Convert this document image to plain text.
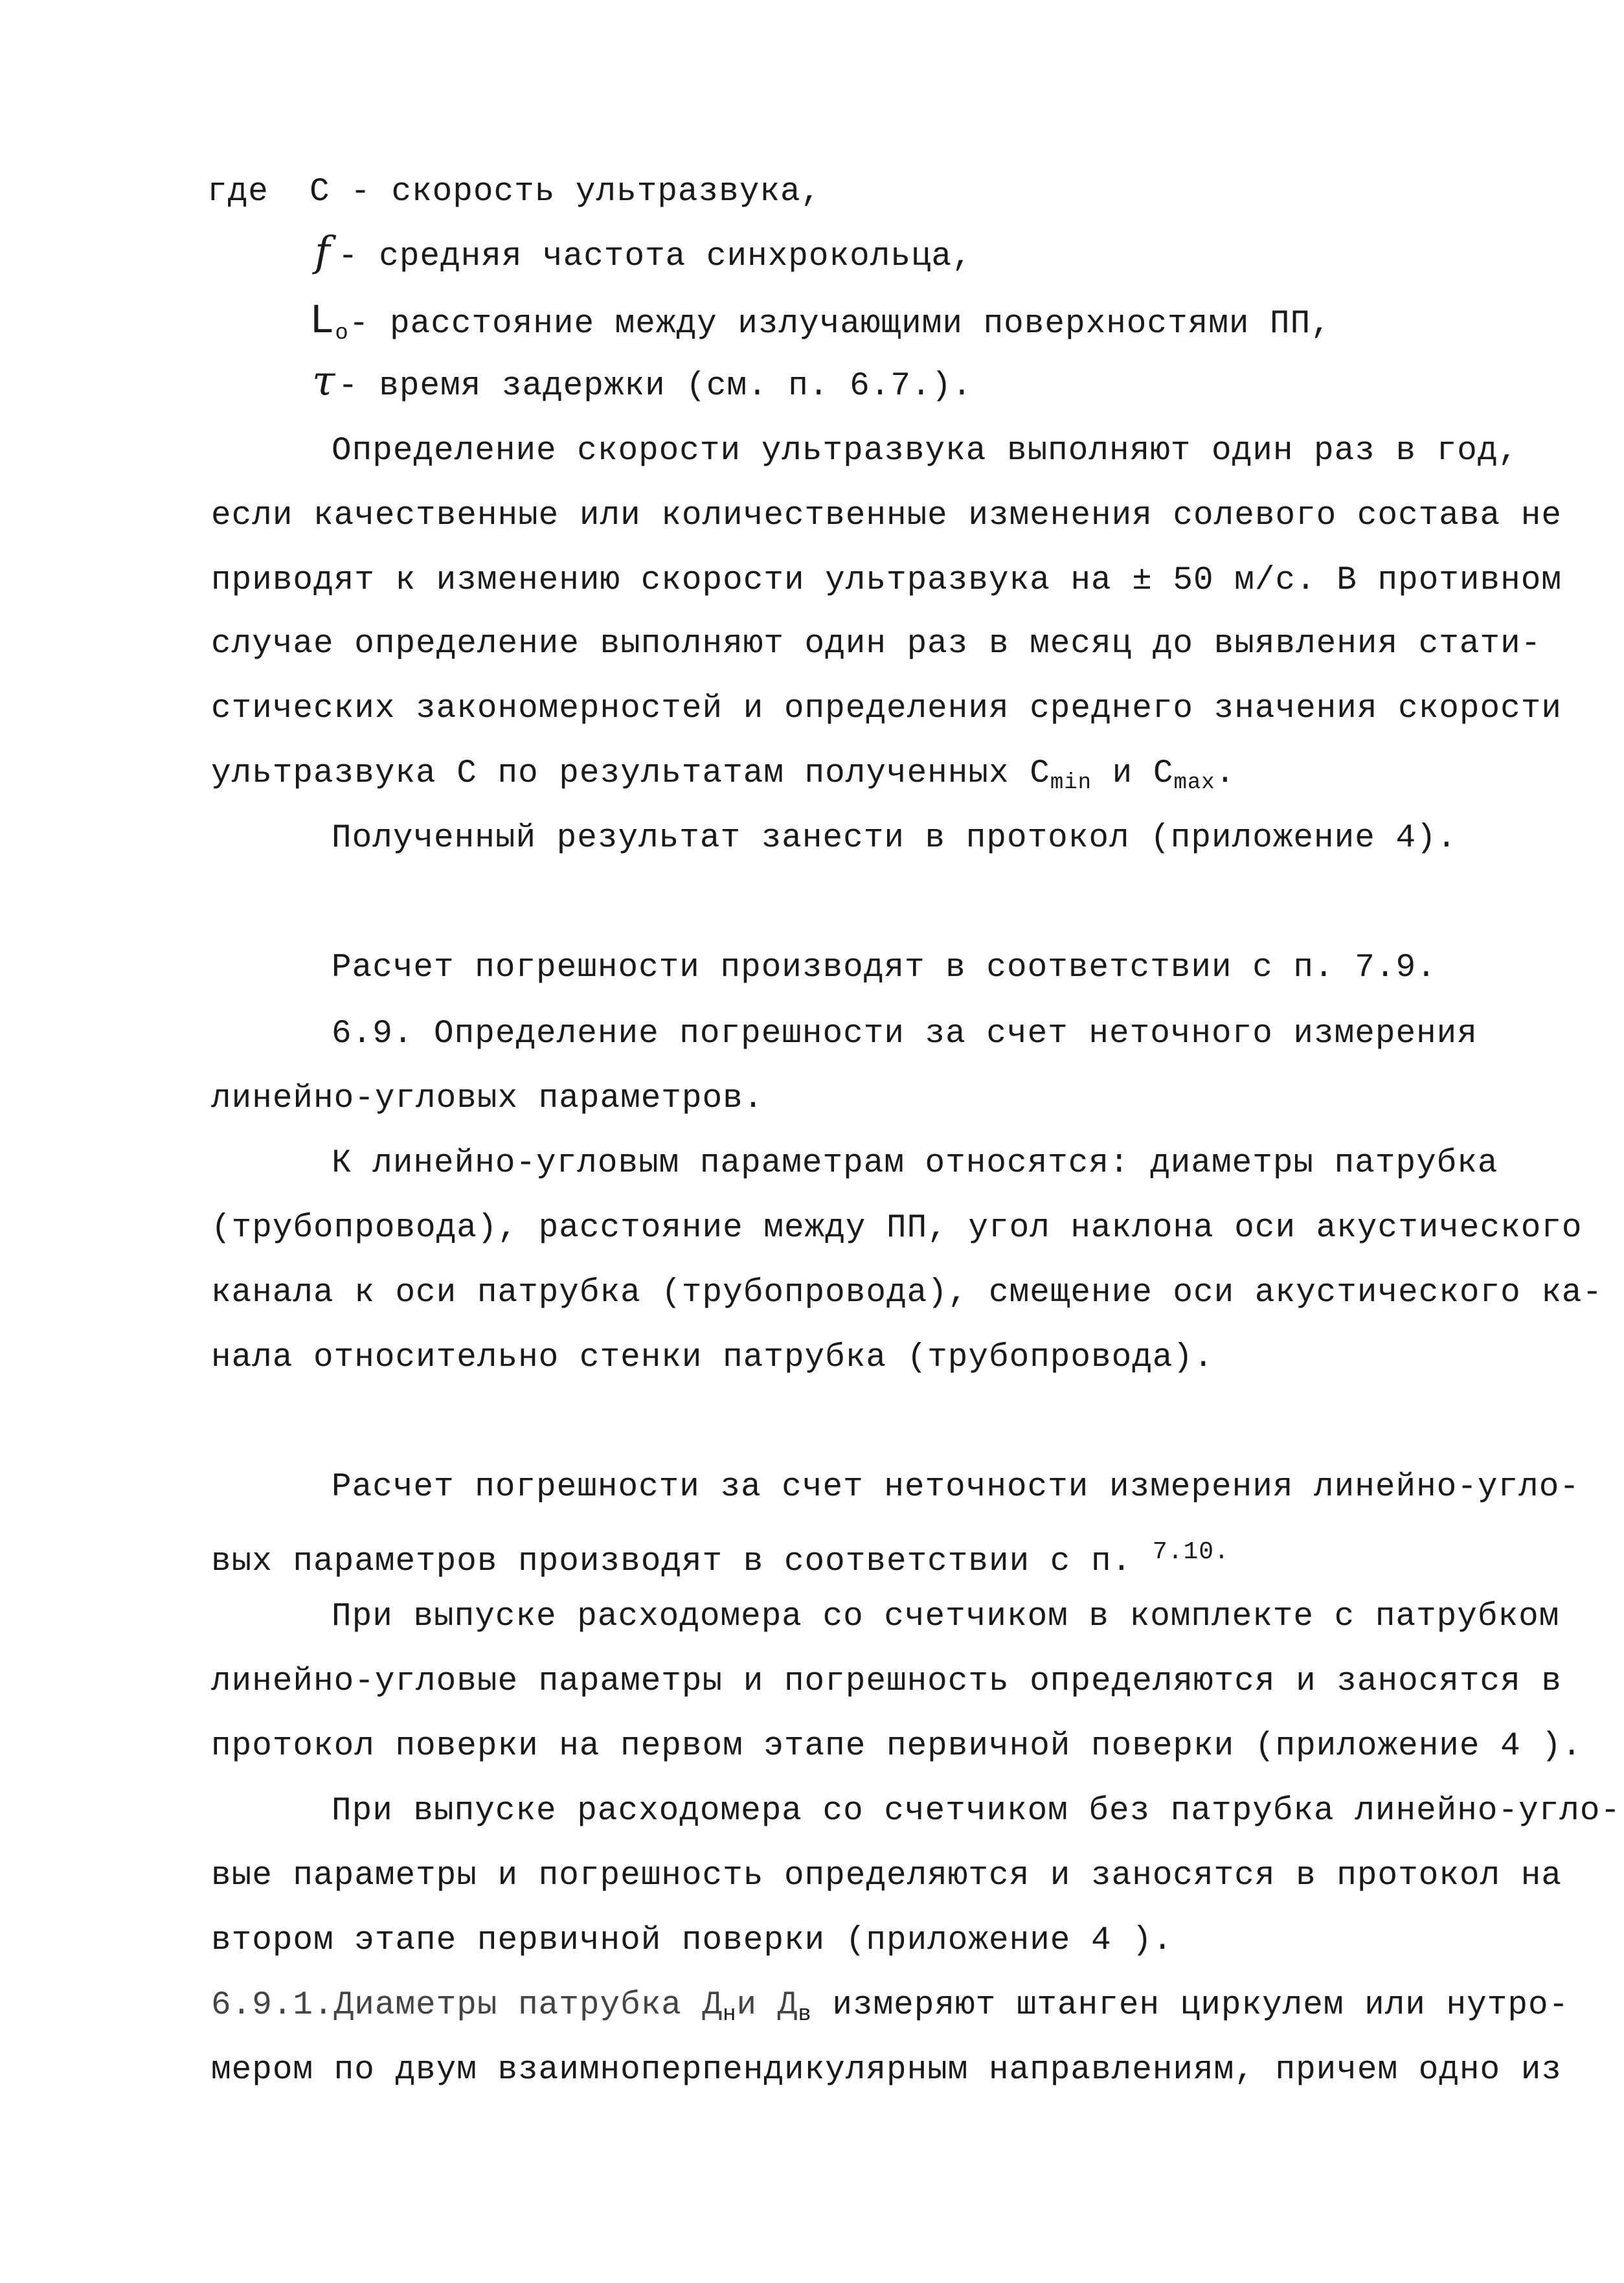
где С - скорость ультразвука,
f - средняя частота синхрокольца,
$L_o-$ расстояние между излучающими поверхностями ПП,
τ - время задержки (см. п. 6.7.).
Определение скорости ультразвука выполняют один раз в год,
если качественные или количественные изменения солевого состава не
приводят к изменению скорости ультразвука на ± 50 м/с. В противном
случае определение выполняют один раз в месяц до выявления стати-
стических закономерностей и определения среднего значения скорости
ультразвука С по результатам полученных $С_{min}$ и $С_{max}$.
Полученный результат занести в протокол (приложение 4).
Расчет погрешности производят в соответствии с п. 7.9.
6.9. Определение погрешности за счет неточного измерения
линейно-угловых параметров.
К линейно-угловым параметрам относятся: диаметры патрубка
(трубопровода), расстояние между ПП, угол наклона оси акустического
канала к оси патрубка (трубопровода), смещение оси акустического ка-
нала относительно стенки патрубка (трубопровода).
Расчет погрешности за счет неточности измерения линейно-угло-
вых параметров производят в соответствии с п. $^{7.10.}$
При выпуске расходомера со счетчиком в комплекте с патрубком
линейно-угловые параметры и погрешность определяются и заносятся в
протокол поверки на первом этапе первичной поверки (приложение 4 ).
При выпуске расходомера со счетчиком без патрубка линейно-угло-
вые параметры и погрешность определяются и заносятся в протокол на
втором этапе первичной поверки (приложение 4 ).
6.9.1.Диаметры патрубка $Д_ни$ $Д_в$ измеряют штанген циркулем или нутро-
мером по двум взаимноперпендикулярным направлениям, причем одно из
